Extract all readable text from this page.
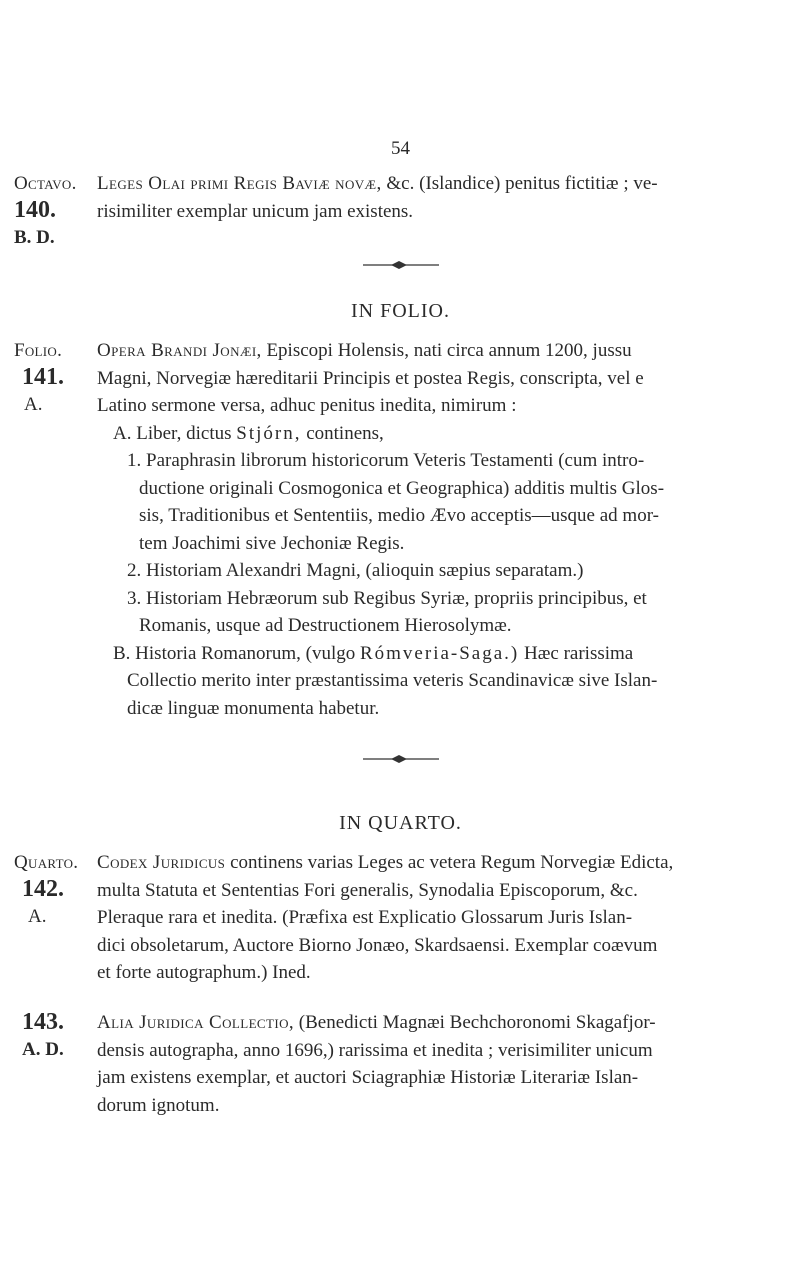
54
Octavo.
140.
B. D.
Leges Olai primi Regis Baviæ novæ, &c. (Islandice) penitus fictitiæ ; ve-
risimiliter exemplar unicum jam existens.
IN FOLIO.
Folio.
141.
A.
Opera Brandi Jonæi, Episcopi Holensis, nati circa annum 1200, jussu
Magni, Norvegiæ hæreditarii Principis et postea Regis, conscripta, vel e
Latino sermone versa, adhuc penitus inedita, nimirum :
A. Liber, dictus Stjórn, continens,
1. Paraphrasin librorum historicorum Veteris Testamenti (cum intro-
ductione originali Cosmogonica et Geographica) additis multis Glos-
sis, Traditionibus et Sententiis, medio Ævo acceptis—usque ad mor-
tem Joachimi sive Jechoniæ Regis.
2. Historiam Alexandri Magni, (alioquin sæpius separatam.)
3. Historiam Hebræorum sub Regibus Syriæ, propriis principibus, et
Romanis, usque ad Destructionem Hierosolymæ.
B. Historia Romanorum, (vulgo Rómveria-Saga.) Hæc rarissima
Collectio merito inter præstantissima veteris Scandinavicæ sive Islan-
dicæ linguæ monumenta habetur.
IN QUARTO.
Quarto.
142.
A.
Codex Juridicus continens varias Leges ac vetera Regum Norvegiæ Edicta,
multa Statuta et Sententias Fori generalis, Synodalia Episcoporum, &c.
Pleraque rara et inedita. (Præfixa est Explicatio Glossarum Juris Islan-
dici obsoletarum, Auctore Biorno Jonæo, Skardsaensi. Exemplar coævum
et forte autographum.) Ined.
143.
A. D.
Alia Juridica Collectio, (Benedicti Magnæi Bechchoronomi Skagafjor-
densis autographa, anno 1696,) rarissima et inedita ; verisimiliter unicum
jam existens exemplar, et auctori Sciagraphiæ Historiæ Literariæ Islan-
dorum ignotum.
